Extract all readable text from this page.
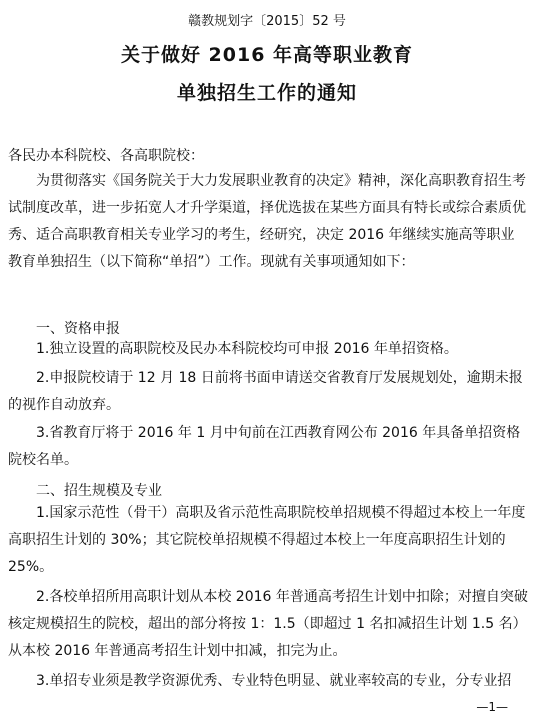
赣教规划字〔2015〕52 号
关于做好 2016 年高等职业教育
单独招生工作的通知
各民办本科院校、各高职院校：

为贯彻落实《国务院关于大力发展职业教育的决定》精神，深化高职教育招生考试制度改革，进一步拓宽人才升学渠道，择优选拔在某些方面具有特长或综合素质优秀、适合高职教育相关专业学习的考生，经研究，决定 2016 年继续实施高等职业教育单独招生（以下简称“单招”）工作。现就有关事项通知如下：

一、资格申报

1.独立设置的高职院校及民办本科院校均可申报 2016 年单招资格。

2.申报院校请于 12 月 18 日前将书面申请送交省教育厅发展规划处，逾期未报的视作自动放弃。

3.省教育厅将于 2016 年 1 月中旬前在江西教育网公布 2016 年具备单招资格院校名单。

二、招生规模及专业

1.国家示范性（骨干）高职及省示范性高职院校单招规模不得超过本校上一年度高职招生计划的 30%；其它院校单招规模不得超过本校上一年度高职招生计划的 25%。

2.各校单招所用高职计划从本校 2016 年普通高考招生计划中扣除；对擅自突破核定规模招生的院校，超出的部分将按 1：1.5（即超过 1 名扣减招生计划 1.5 名）从本校 2016 年普通高考招生计划中扣减，扣完为止。

3.单招专业须是教学资源优秀、专业特色明显、就业率较高的专业，分专业招

—1—
